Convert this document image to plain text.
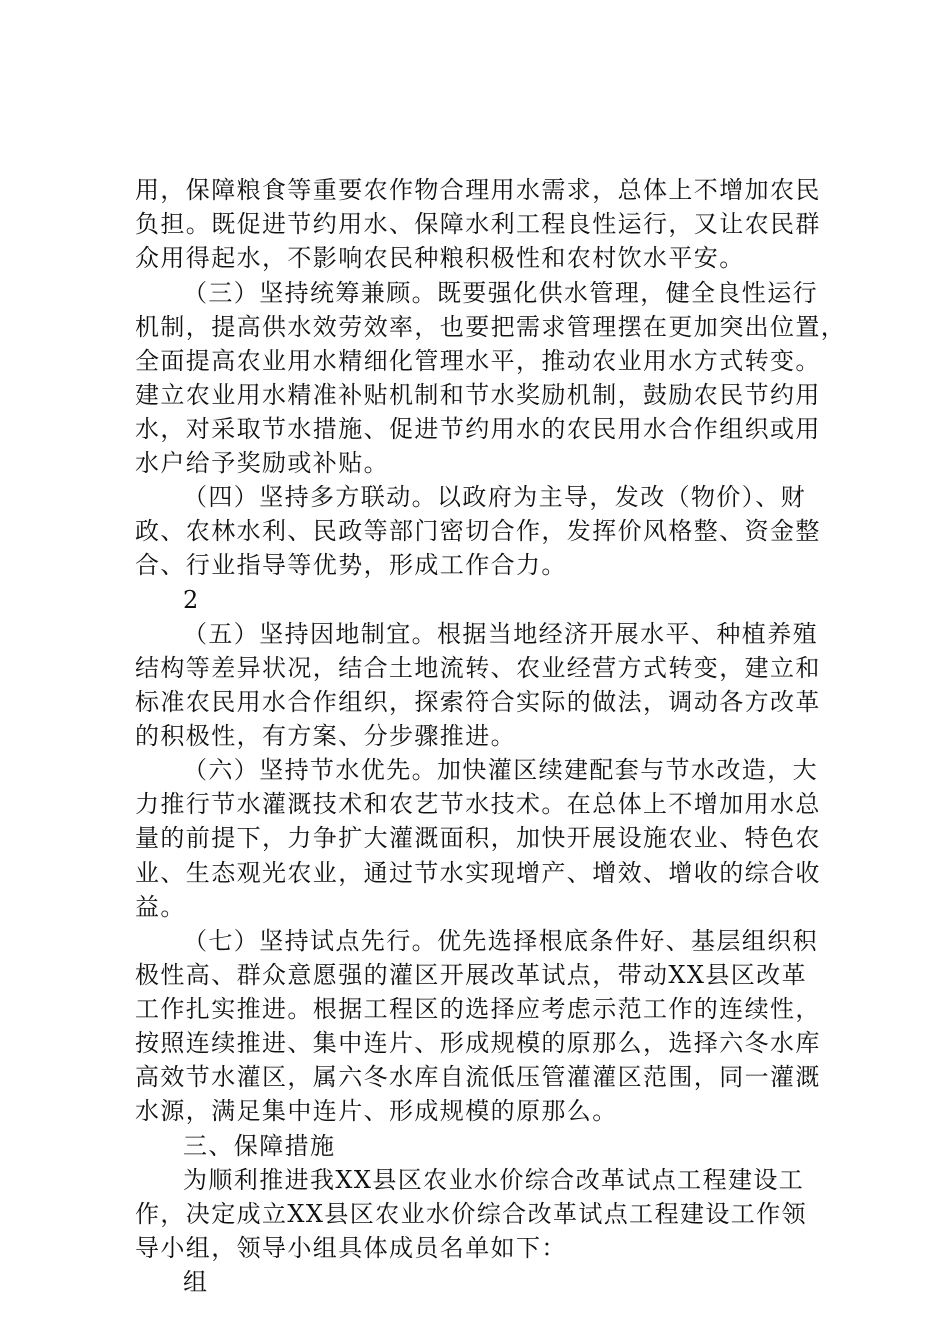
用，保障粮食等重要农作物合理用水需求，总体上不增加农民
负担。既促进节约用水、保障水利工程良性运行，又让农民群
众用得起水，不影响农民种粮积极性和农村饮水平安。
（三）坚持统筹兼顾。既要强化供水管理，健全良性运行
机制，提高供水效劳效率，也要把需求管理摆在更加突出位置，
全面提高农业用水精细化管理水平，推动农业用水方式转变。
建立农业用水精准补贴机制和节水奖励机制，鼓励农民节约用
水，对采取节水措施、促进节约用水的农民用水合作组织或用
水户给予奖励或补贴。
（四）坚持多方联动。以政府为主导，发改（物价）、财
政、农林水利、民政等部门密切合作，发挥价风格整、资金整
合、行业指导等优势，形成工作合力。
2
（五）坚持因地制宜。根据当地经济开展水平、种植养殖
结构等差异状况，结合土地流转、农业经营方式转变，建立和
标准农民用水合作组织，探索符合实际的做法，调动各方改革
的积极性，有方案、分步骤推进。
（六）坚持节水优先。加快灌区续建配套与节水改造，大
力推行节水灌溉技术和农艺节水技术。在总体上不增加用水总
量的前提下，力争扩大灌溉面积，加快开展设施农业、特色农
业、生态观光农业，通过节水实现增产、增效、增收的综合收
益。
（七）坚持试点先行。优先选择根底条件好、基层组织积
极性高、群众意愿强的灌区开展改革试点，带动XX县区改革
工作扎实推进。根据工程区的选择应考虑示范工作的连续性，
按照连续推进、集中连片、形成规模的原那么，选择六冬水库
高效节水灌区，属六冬水库自流低压管灌灌区范围，同一灌溉
水源，满足集中连片、形成规模的原那么。
三、保障措施
为顺利推进我XX县区农业水价综合改革试点工程建设工
作，决定成立XX县区农业水价综合改革试点工程建设工作领
导小组，领导小组具体成员名单如下：
组
